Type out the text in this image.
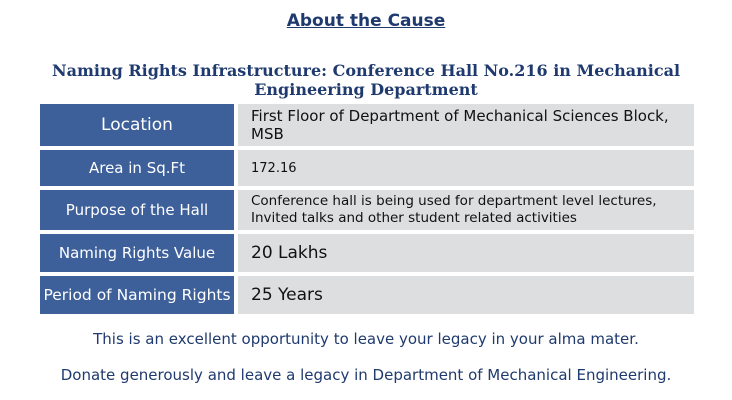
About the Cause
Naming Rights Infrastructure: Conference Hall No.216 in Mechanical Engineering Department
Location	First Floor of Department of Mechanical Sciences Block, MSB
Area in Sq.Ft	172.16
Purpose of the Hall	Conference hall is being used for department level lectures,
Invited talks and other student related activities
Naming Rights Value	20 Lakhs
Period of Naming Rights	25 Years
This is an excellent opportunity to leave your legacy in your alma mater.
Donate generously and leave a legacy in Department of Mechanical Engineering.
